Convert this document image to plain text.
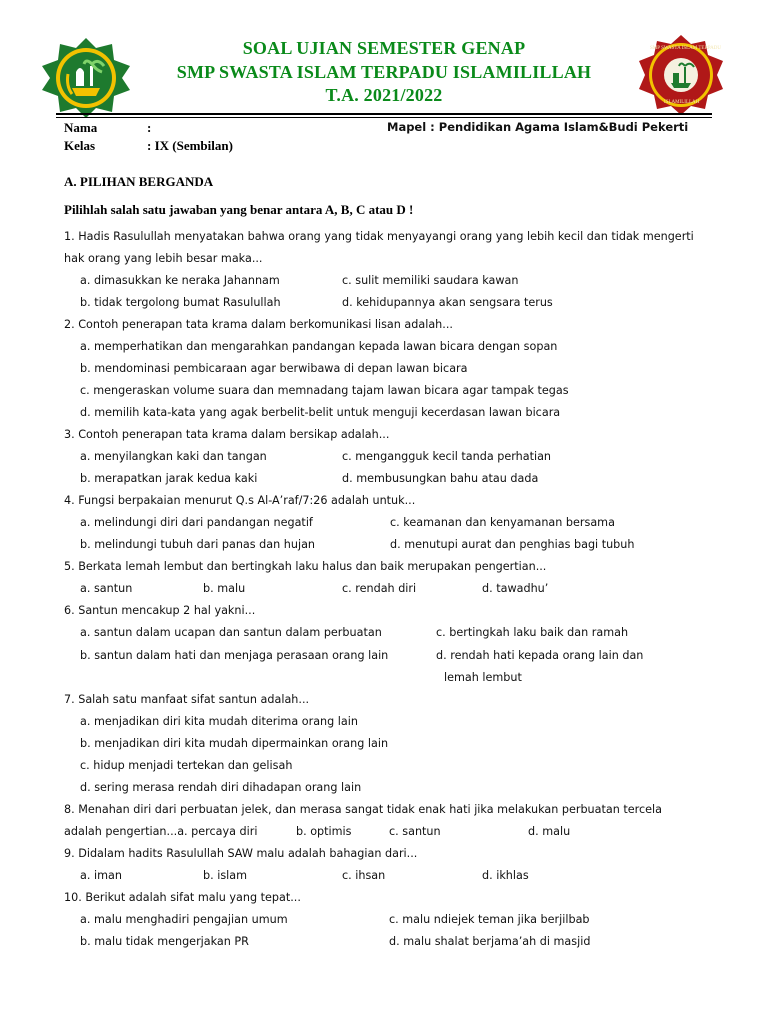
SMP SWASTA ISLAM TERPADU
ISLAMILILLAH
SOAL UJIAN SEMESTER GENAP
SMP SWASTA ISLAM TERPADU ISLAMILILLAH
T.A. 2021/2022
Nama	:	Mapel : Pendidikan Agama Islam&Budi Pekerti
Kelas	: IX (Sembilan)
A. PILIHAN BERGANDA
Pilihlah salah satu jawaban yang benar antara A, B, C atau D !
1. Hadis Rasulullah menyatakan bahwa orang yang tidak menyayangi orang yang lebih kecil dan tidak mengerti
hak orang yang lebih besar maka...
a. dimasukkan ke neraka Jahannam	c. sulit memiliki saudara kawan
b. tidak tergolong bumat Rasulullah	d. kehidupannya akan sengsara terus
2. Contoh penerapan tata krama dalam berkomunikasi lisan adalah...
a. memperhatikan dan mengarahkan pandangan kepada lawan bicara dengan sopan
b. mendominasi pembicaraan agar berwibawa di depan lawan bicara
c. mengeraskan volume suara dan memnadang tajam lawan bicara agar tampak tegas
d. memilih kata-kata yang agak berbelit-belit untuk menguji kecerdasan lawan bicara
3. Contoh penerapan tata krama dalam bersikap adalah...
a. menyilangkan kaki dan tangan	c. mengangguk kecil tanda perhatian
b. merapatkan jarak kedua kaki	d. membusungkan bahu atau dada
4. Fungsi berpakaian menurut Q.s Al-A’raf/7:26 adalah untuk...
a. melindungi diri dari pandangan negatif	c. keamanan dan kenyamanan bersama
b. melindungi tubuh dari panas dan hujan	d. menutupi aurat dan penghias bagi tubuh
5. Berkata lemah lembut dan bertingkah laku halus dan baik merupakan pengertian...
a. santun	b. malu	c. rendah diri	d. tawadhu’
6. Santun mencakup 2 hal yakni...
a. santun dalam ucapan dan santun dalam perbuatan	c. bertingkah laku baik dan ramah
b. santun dalam hati dan menjaga perasaan orang lain	d. rendah hati kepada orang lain dan
lemah lembut
7. Salah satu manfaat sifat santun adalah...
a. menjadikan diri kita mudah diterima orang lain
b. menjadikan diri kita mudah dipermainkan orang lain
c. hidup menjadi tertekan dan gelisah
d. sering merasa rendah diri dihadapan orang lain
8. Menahan diri dari perbuatan jelek, dan merasa sangat tidak enak hati jika melakukan perbuatan tercela
adalah pengertian...a. percaya diri	b. optimis	c. santun	d. malu
9. Didalam hadits Rasulullah SAW malu adalah bahagian dari...
a. iman	b. islam	c. ihsan	d. ikhlas
10. Berikut adalah sifat malu yang tepat...
a. malu menghadiri pengajian umum	c. malu ndiejek teman jika berjilbab
b. malu tidak mengerjakan PR	d. malu shalat berjama’ah di masjid
